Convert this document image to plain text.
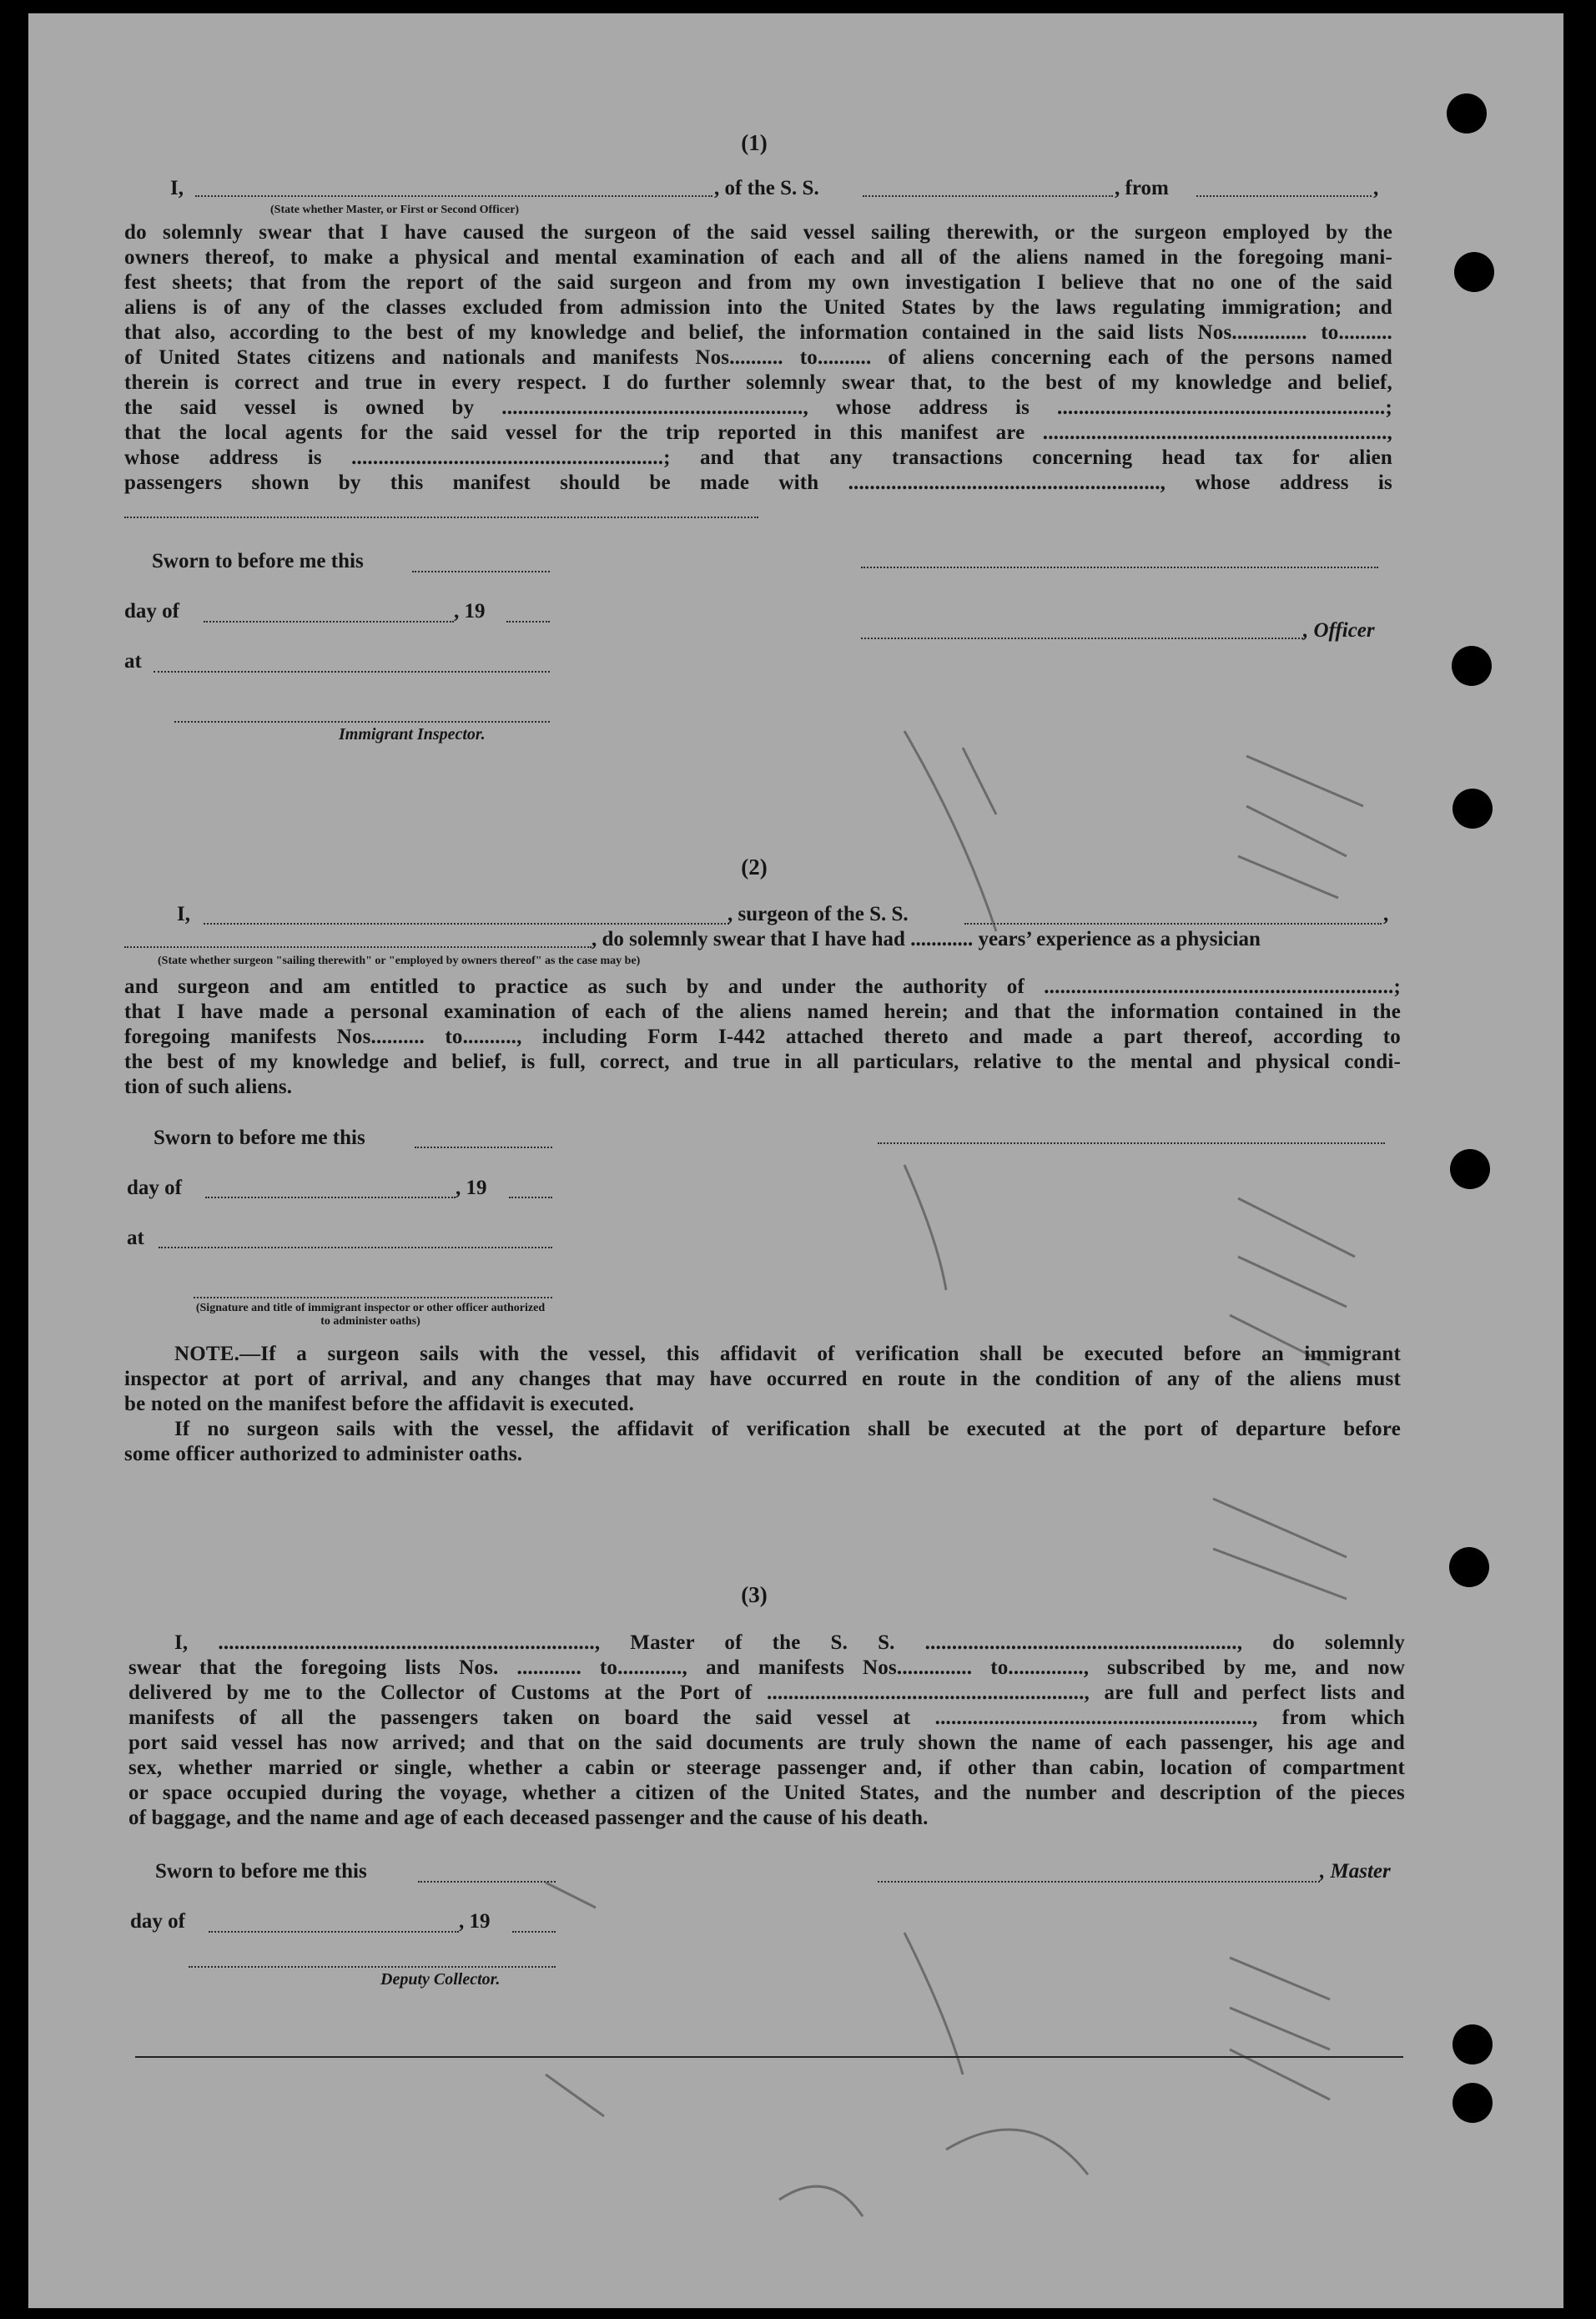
(1)
I,	, of the S. S.	, from	,
(State whether Master, or First or Second Officer)
do solemnly swear that I have caused the surgeon of the said vessel sailing therewith, or the surgeon employed by the
owners thereof, to make a physical and mental examination of each and all of the aliens named in the foregoing mani-
fest sheets; that from the report of the said surgeon and from my own investigation I believe that no one of the said
aliens is of any of the classes excluded from admission into the United States by the laws regulating immigration; and
that also, according to the best of my knowledge and belief, the information contained in the said lists Nos.............. to..........
of United States citizens and nationals and manifests Nos.......... to.......... of aliens concerning each of the persons named
therein is correct and true in every respect. I do further solemnly swear that, to the best of my knowledge and belief,
the said vessel is owned by ........................................................, whose address is .............................................................;
that the local agents for the said vessel for the trip reported in this manifest are ................................................................,
whose address is ..........................................................; and that any transactions concerning head tax for alien
passengers shown by this manifest should be made with .........................................................., whose address is
Sworn to before me this
day of	, 19
, Officer
at
Immigrant Inspector.
(2)
I,	, surgeon of the S. S.	,
, do solemnly swear that I have had ............ years’ experience as a physician
(State whether surgeon "sailing therewith" or "employed by owners thereof" as the case may be)
and surgeon and am entitled to practice as such by and under the authority of .................................................................;
that I have made a personal examination of each of the aliens named herein; and that the information contained in the
foregoing manifests Nos.......... to.........., including Form I-442 attached thereto and made a part thereof, according to
the best of my knowledge and belief, is full, correct, and true in all particulars, relative to the mental and physical condi-
tion of such aliens.
Sworn to before me this
day of	, 19
at
(Signature and title of immigrant inspector or other officer authorized to administer oaths)
NOTE.—If a surgeon sails with the vessel, this affidavit of verification shall be executed before an immigrant
inspector at port of arrival, and any changes that may have occurred en route in the condition of any of the aliens must
be noted on the manifest before the affidavit is executed.
If no surgeon sails with the vessel, the affidavit of verification shall be executed at the port of departure before
some officer authorized to administer oaths.
(3)
I, ......................................................................, Master of the S. S. .........................................................., do solemnly
swear that the foregoing lists Nos. ............ to............, and manifests Nos.............. to.............., subscribed by me, and now
delivered by me to the Collector of Customs at the Port of ..........................................................., are full and perfect lists and
manifests of all the passengers taken on board the said vessel at ..........................................................., from which
port said vessel has now arrived; and that on the said documents are truly shown the name of each passenger, his age and
sex, whether married or single, whether a cabin or steerage passenger and, if other than cabin, location of compartment
or space occupied during the voyage, whether a citizen of the United States, and the number and description of the pieces
of baggage, and the name and age of each deceased passenger and the cause of his death.
Sworn to before me this	, Master
day of	, 19
Deputy Collector.
